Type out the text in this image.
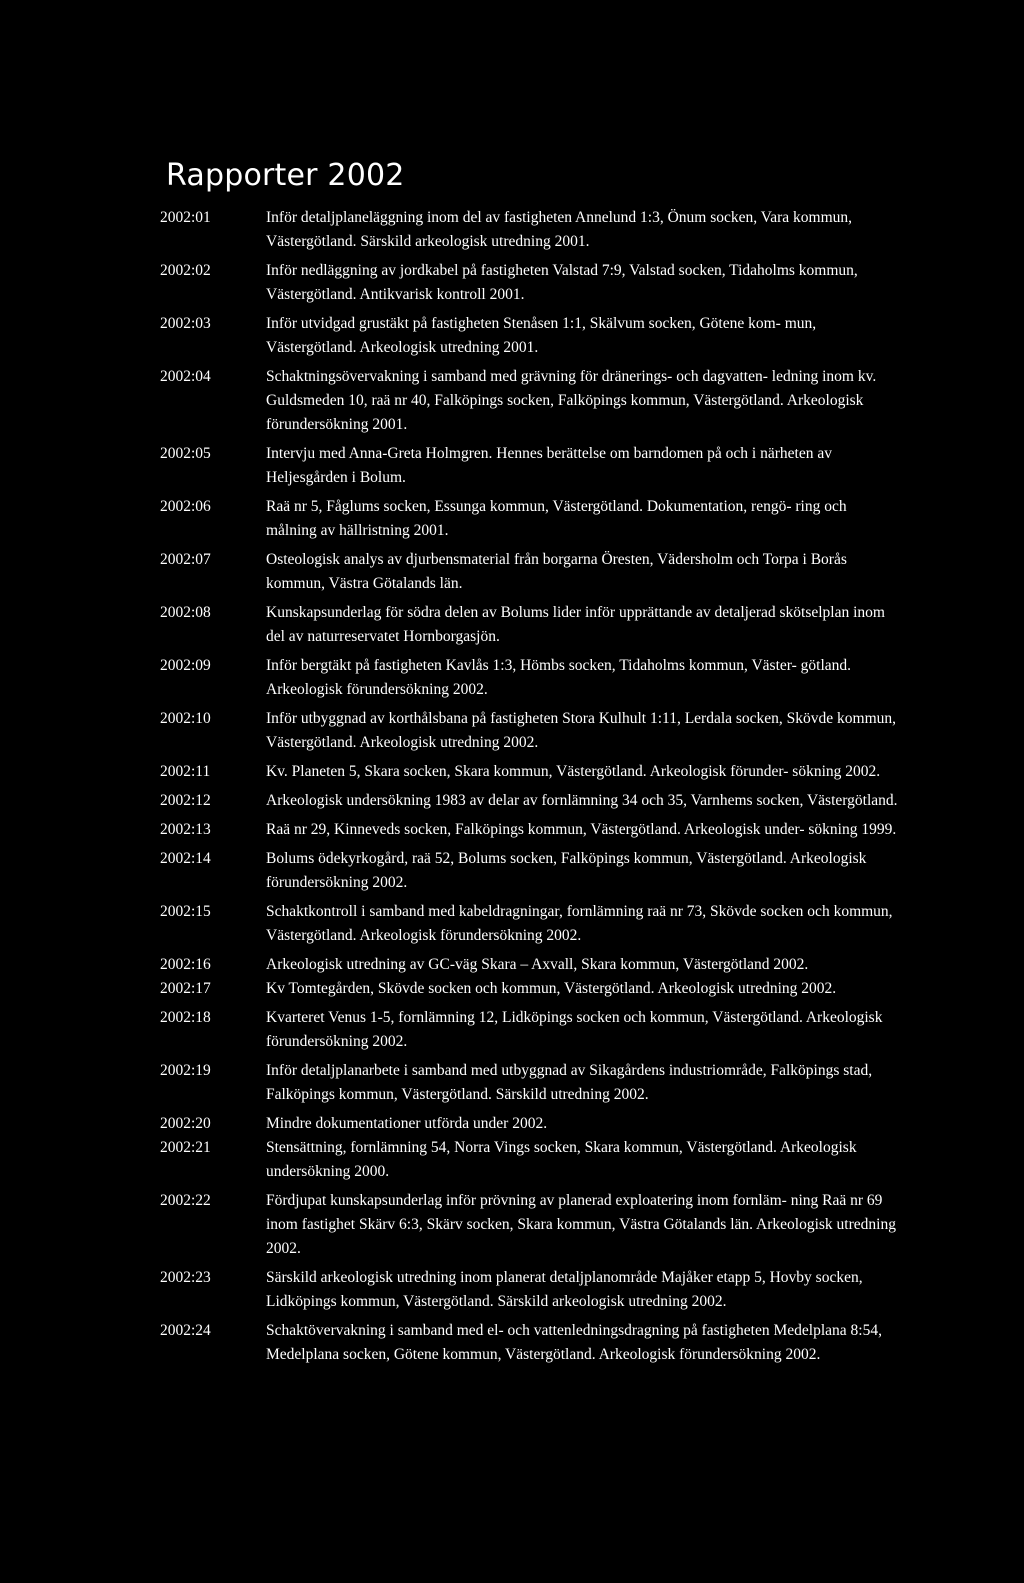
Rapporter 2002
2002:01	Inför detaljplaneläggning inom del av fastigheten Annelund 1:3, Önum socken, Vara kommun, Västergötland. Särskild arkeologisk utredning 2001.
2002:02	Inför nedläggning av jordkabel på fastigheten Valstad 7:9, Valstad socken, Tidaholms kommun, Västergötland. Antikvarisk kontroll 2001.
2002:03	Inför utvidgad grustäkt på fastigheten Stenåsen 1:1, Skälvum socken, Götene kom- mun, Västergötland. Arkeologisk utredning 2001.
2002:04	Schaktningsövervakning i samband med grävning för dränerings- och dagvatten- ledning inom kv. Guldsmeden 10, raä nr 40, Falköpings socken, Falköpings kommun, Västergötland. Arkeologisk förundersökning 2001.
2002:05	Intervju med Anna-Greta Holmgren. Hennes berättelse om barndomen på och i närheten av Heljesgården i Bolum.
2002:06	Raä nr 5, Fåglums socken, Essunga kommun, Västergötland. Dokumentation, rengö- ring och målning av hällristning 2001.
2002:07	Osteologisk analys av djurbensmaterial från borgarna Öresten, Vädersholm och Torpa i Borås kommun, Västra Götalands län.
2002:08	Kunskapsunderlag för södra delen av Bolums lider inför upprättande av detaljerad skötselplan inom del av naturreservatet Hornborgasjön.
2002:09	Inför bergtäkt på fastigheten Kavlås 1:3, Hömbs socken, Tidaholms kommun, Väster- götland. Arkeologisk förundersökning 2002.
2002:10	Inför utbyggnad av korthålsbana på fastigheten Stora Kulhult 1:11, Lerdala socken, Skövde kommun, Västergötland. Arkeologisk utredning 2002.
2002:11	Kv. Planeten 5, Skara socken, Skara kommun, Västergötland. Arkeologisk förunder- sökning 2002.
2002:12	Arkeologisk undersökning 1983 av delar av fornlämning 34 och 35, Varnhems socken, Västergötland.
2002:13	Raä nr 29, Kinneveds socken, Falköpings kommun, Västergötland. Arkeologisk under- sökning 1999.
2002:14	Bolums ödekyrkogård, raä 52, Bolums socken, Falköpings kommun, Västergötland. Arkeologisk förundersökning 2002.
2002:15	Schaktkontroll i samband med kabeldragningar, fornlämning raä nr 73, Skövde socken och kommun, Västergötland. Arkeologisk förundersökning 2002.
2002:16	Arkeologisk utredning av GC-väg Skara – Axvall, Skara kommun, Västergötland 2002.
2002:17	Kv Tomtegården, Skövde socken och kommun, Västergötland. Arkeologisk utredning 2002.
2002:18	Kvarteret Venus 1-5, fornlämning 12, Lidköpings socken och kommun, Västergötland. Arkeologisk förundersökning 2002.
2002:19	Inför detaljplanarbete i samband med utbyggnad av Sikagårdens industriområde, Falköpings stad, Falköpings kommun, Västergötland. Särskild utredning 2002.
2002:20	Mindre dokumentationer utförda under 2002.
2002:21	Stensättning, fornlämning 54, Norra Vings socken, Skara kommun, Västergötland. Arkeologisk undersökning 2000.
2002:22	Fördjupat kunskapsunderlag inför prövning av planerad exploatering inom fornläm- ning Raä nr 69 inom fastighet Skärv 6:3, Skärv socken, Skara kommun, Västra Götalands län. Arkeologisk utredning 2002.
2002:23	Särskild arkeologisk utredning inom planerat detaljplanområde Majåker etapp 5, Hovby socken, Lidköpings kommun, Västergötland. Särskild arkeologisk utredning 2002.
2002:24	Schaktövervakning i samband med el- och vattenledningsdragning på fastigheten Medelplana 8:54, Medelplana socken, Götene kommun, Västergötland. Arkeologisk förundersökning 2002.
